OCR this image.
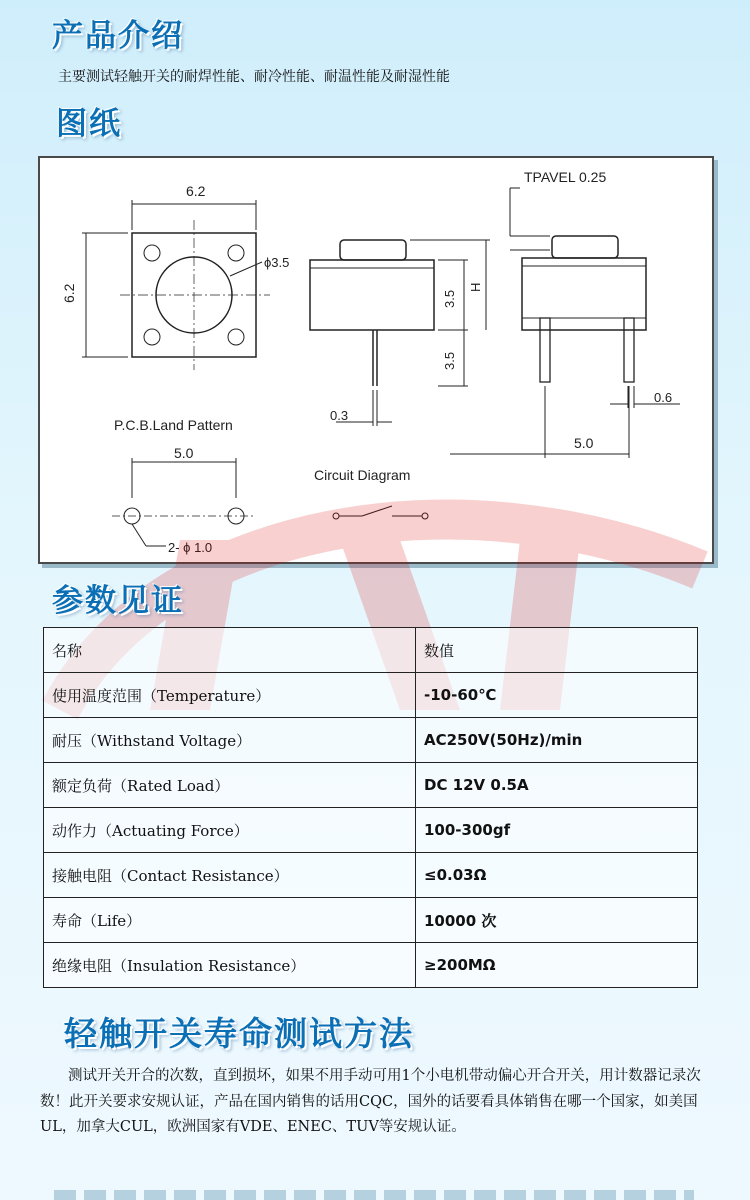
产品介绍
主要测试轻触开关的耐焊性能、耐冷性能、耐温性能及耐湿性能
图纸
6.2
6.2
ϕ3.5
3.5
3.5
H
0.3
TPAVEL 0.25
0.6
5.0
P.C.B.Land Pattern
5.0
2- ϕ 1.0
Circuit Diagram
参数见证
名称	数值
使用温度范围（Temperature）	-10-60℃
耐压（Withstand Voltage）	AC250V(50Hz)/min
额定负荷（Rated Load）	DC 12V 0.5A
动作力（Actuating Force）	100-300gf
接触电阻（Contact Resistance）	≤0.03Ω
寿命（Life）	10000 次
绝缘电阻（Insulation Resistance）	≥200MΩ
轻触开关寿命测试方法
测试开关开合的次数，直到损坏，如果不用手动可用1个小电机带动偏心开合开关，用计数器记录次数！此开关要求安规认证，产品在国内销售的话用CQC，国外的话要看具体销售在哪一个国家，如美国UL，加拿大CUL，欧洲国家有VDE、ENEC、TUV等安规认证。
